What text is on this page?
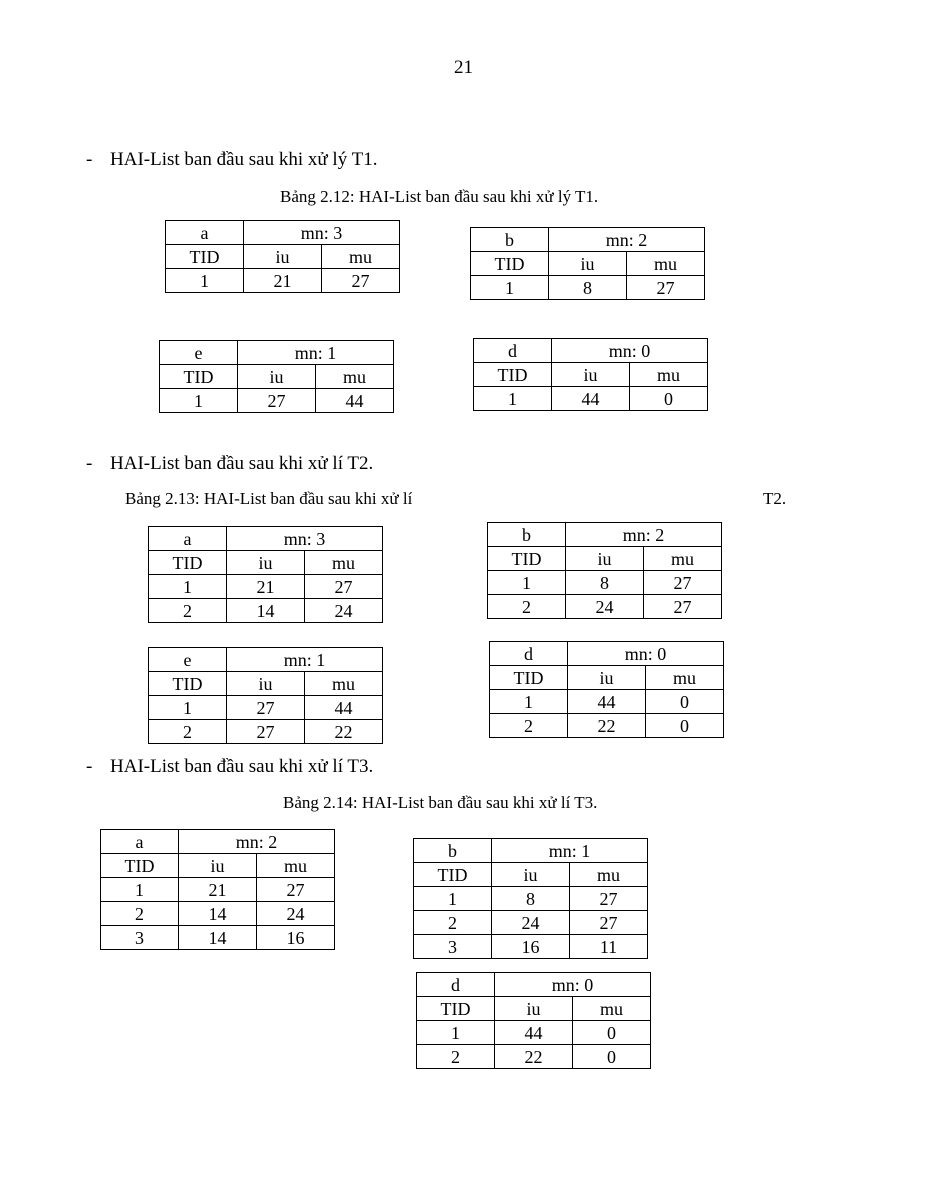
21
- HAI-List ban đầu sau khi xử lý T1.
Bảng 2.12: HAI-List ban đầu sau khi xử lý T1.
a	mn: 3	
TID	iu	mu
1	21	27
b	mn: 2	
TID	iu	mu
1	8	27
e	mn: 1	
TID	iu	mu
1	27	44
d	mn: 0	
TID	iu	mu
1	44	0
- HAI-List ban đầu sau khi xử lí T2.
Bảng 2.13: HAI-List ban đầu sau khi xử lí	T2.
a	mn: 3	
TID	iu	mu
1	21	27
2	14	24
b	mn: 2	
TID	iu	mu
1	8	27
2	24	27
e	mn: 1	
TID	iu	mu
1	27	44
2	27	22
d	mn: 0	
TID	iu	mu
1	44	0
2	22	0
- HAI-List ban đầu sau khi xử lí T3.
Bảng 2.14: HAI-List ban đầu sau khi xử lí T3.
a	mn: 2	
TID	iu	mu
1	21	27
2	14	24
3	14	16
b	mn: 1	
TID	iu	mu
1	8	27
2	24	27
3	16	11
d	mn: 0	
TID	iu	mu
1	44	0
2	22	0
